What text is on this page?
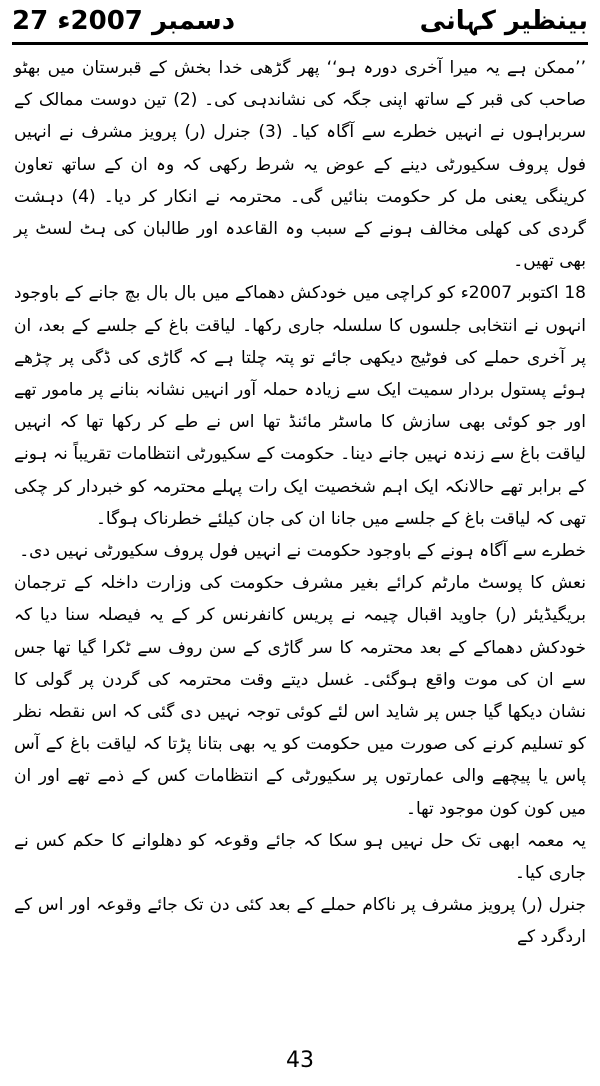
27 دسمبر 2007ء	بینظیر کہانی

’’ممکن ہے یہ میرا آخری دورہ ہو‘‘ پھر گڑھی خدا بخش کے قبرستان میں بھٹو صاحب کی قبر کے ساتھ اپنی جگہ کی نشاندہی کی۔ (2) تین دوست ممالک کے سربراہوں نے انہیں خطرے سے آگاہ کیا۔ (3) جنرل (ر) پرویز مشرف نے انہیں فول پروف سکیورٹی دینے کے عوض یہ شرط رکھی کہ وہ ان کے ساتھ تعاون کرینگی یعنی مل کر حکومت بنائیں گی۔ محترمہ نے انکار کر دیا۔ (4) دہشت گردی کی کھلی مخالف ہونے کے سبب وہ القاعدہ اور طالبان کی ہٹ لسٹ پر بھی تھیں۔

18 اکتوبر 2007ء کو کراچی میں خودکش دھماکے میں بال بال بچ جانے کے باوجود انہوں نے انتخابی جلسوں کا سلسلہ جاری رکھا۔ لیاقت باغ کے جلسے کے بعد، ان پر آخری حملے کی فوٹیج دیکھی جائے تو پتہ چلتا ہے کہ گاڑی کی ڈگی پر چڑھے ہوئے پستول بردار سمیت ایک سے زیادہ حملہ آور انہیں نشانہ بنانے پر مامور تھے اور جو کوئی بھی سازش کا ماسٹر مائنڈ تھا اس نے طے کر رکھا تھا کہ انہیں لیاقت باغ سے زندہ نہیں جانے دینا۔ حکومت کے سکیورٹی انتظامات تقریباً نہ ہونے کے برابر تھے حالانکہ ایک اہم شخصیت ایک رات پہلے محترمہ کو خبردار کر چکی تھی کہ لیاقت باغ کے جلسے میں جانا ان کی جان کیلئے خطرناک ہوگا۔

خطرے سے آگاہ ہونے کے باوجود حکومت نے انہیں فول پروف سکیورٹی نہیں دی۔

نعش کا پوسٹ مارٹم کرائے بغیر مشرف حکومت کی وزارت داخلہ کے ترجمان بریگیڈیئر (ر) جاوید اقبال چیمہ نے پریس کانفرنس کر کے یہ فیصلہ سنا دیا کہ خودکش دھماکے کے بعد محترمہ کا سر گاڑی کے سن روف سے ٹکرا گیا تھا جس سے ان کی موت واقع ہوگئی۔ غسل دیتے وقت محترمہ کی گردن پر گولی کا نشان دیکھا گیا جس پر شاید اس لئے کوئی توجہ نہیں دی گئی کہ اس نقطہ نظر کو تسلیم کرنے کی صورت میں حکومت کو یہ بھی بتانا پڑتا کہ لیاقت باغ کے آس پاس یا پیچھے والی عمارتوں پر سکیورٹی کے انتظامات کس کے ذمے تھے اور ان میں کون کون موجود تھا۔

یہ معمہ ابھی تک حل نہیں ہو سکا کہ جائے وقوعہ کو دھلوانے کا حکم کس نے جاری کیا۔

جنرل (ر) پرویز مشرف پر ناکام حملے کے بعد کئی دن تک جائے وقوعہ اور اس کے اردگرد کے

43
